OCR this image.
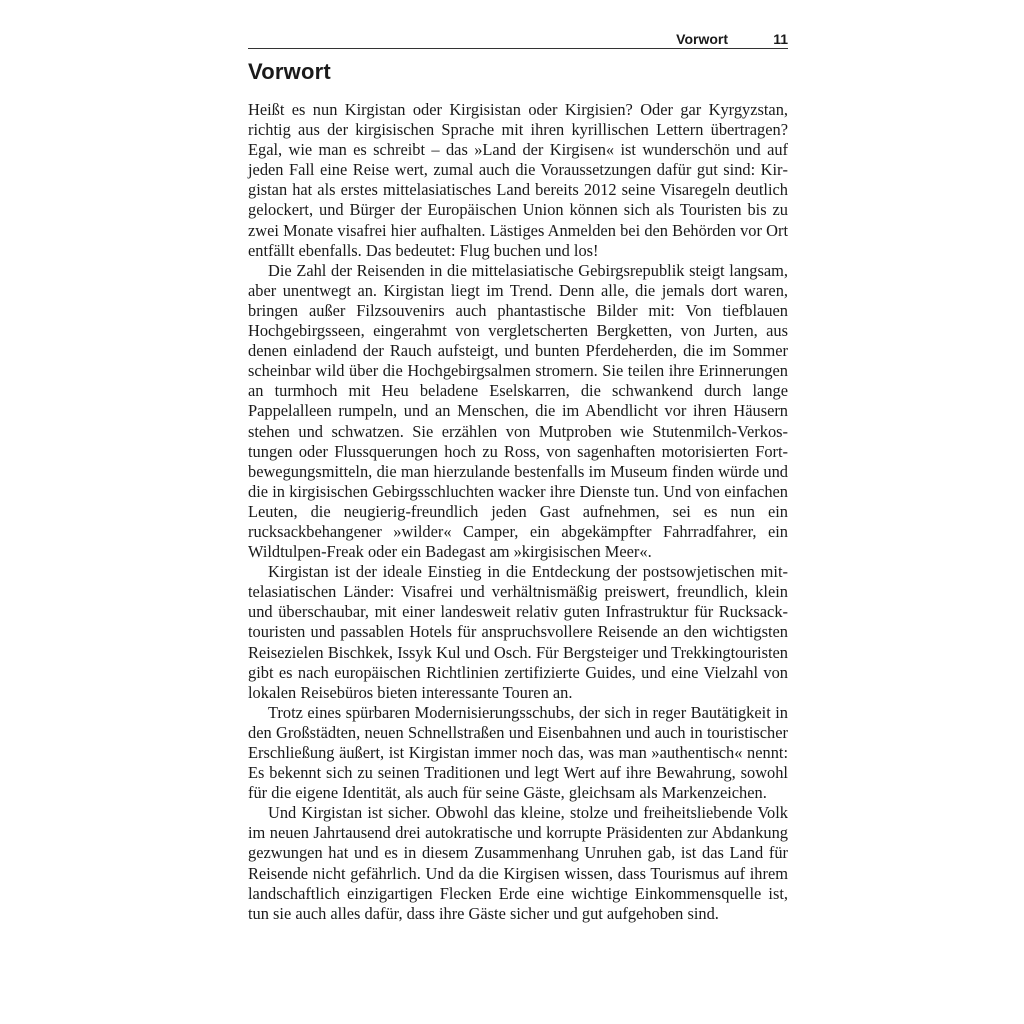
Vorwort	11
Vorwort

Heißt es nun Kirgistan oder Kirgisistan oder Kirgisien? Oder gar Kyrgyzstan, richtig aus der kirgisischen Sprache mit ihren kyrillischen Lettern übertragen? Egal, wie man es schreibt – das »Land der Kirgisen« ist wunderschön und auf jeden Fall eine Reise wert, zumal auch die Voraussetzungen dafür gut sind: Kirgistan hat als erstes mittelasiatisches Land bereits 2012 seine Visaregeln deutlich gelockert, und Bürger der Europäischen Union können sich als Touristen bis zu zwei Monate visafrei hier aufhalten. Lästiges Anmelden bei den Behörden vor Ort entfällt ebenfalls. Das bedeutet: Flug buchen und los!

Die Zahl der Reisenden in die mittelasiatische Gebirgsrepublik steigt langsam, aber unentwegt an. Kirgistan liegt im Trend. Denn alle, die jemals dort waren, bringen außer Filzsouvenirs auch phantastische Bilder mit: Von tiefblauen Hochgebirgsseen, eingerahmt von vergletscherten Bergketten, von Jurten, aus denen einladend der Rauch aufsteigt, und bunten Pferdeherden, die im Sommer scheinbar wild über die Hochgebirgsalmen stromern. Sie teilen ihre Erinnerungen an turmhoch mit Heu beladene Eselskarren, die schwankend durch lange Pappelalleen rumpeln, und an Menschen, die im Abendlicht vor ihren Häusern stehen und schwatzen. Sie erzählen von Mutproben wie Stutenmilch-Verkostungen oder Flussquerungen hoch zu Ross, von sagenhaften motorisierten Fortbewegungsmitteln, die man hierzulande bestenfalls im Museum finden würde und die in kirgisischen Gebirgsschluchten wacker ihre Dienste tun. Und von einfachen Leuten, die neugierig-freundlich jeden Gast aufnehmen, sei es nun ein rucksackbehangener »wilder« Camper, ein abgekämpfter Fahrradfahrer, ein Wildtulpen-Freak oder ein Badegast am »kirgisischen Meer«.

Kirgistan ist der ideale Einstieg in die Entdeckung der postsowjetischen mittelasiatischen Länder: Visafrei und verhältnismäßig preiswert, freundlich, klein und überschaubar, mit einer landesweit relativ guten Infrastruktur für Rucksacktouristen und passablen Hotels für anspruchsvollere Reisende an den wichtigsten Reisezielen Bischkek, Issyk Kul und Osch. Für Bergsteiger und Trekkingtouristen gibt es nach europäischen Richtlinien zertifizierte Guides, und eine Vielzahl von lokalen Reisebüros bieten interessante Touren an.

Trotz eines spürbaren Modernisierungsschubs, der sich in reger Bautätigkeit in den Großstädten, neuen Schnellstraßen und Eisenbahnen und auch in touristischer Erschließung äußert, ist Kirgistan immer noch das, was man »authentisch« nennt: Es bekennt sich zu seinen Traditionen und legt Wert auf ihre Bewahrung, sowohl für die eigene Identität, als auch für seine Gäste, gleichsam als Markenzeichen.

Und Kirgistan ist sicher. Obwohl das kleine, stolze und freiheitsliebende Volk im neuen Jahrtausend drei autokratische und korrupte Präsidenten zur Abdankung gezwungen hat und es in diesem Zusammenhang Unruhen gab, ist das Land für Reisende nicht gefährlich. Und da die Kirgisen wissen, dass Tourismus auf ihrem landschaftlich einzigartigen Flecken Erde eine wichtige Einkommensquelle ist, tun sie auch alles dafür, dass ihre Gäste sicher und gut aufgehoben sind.
